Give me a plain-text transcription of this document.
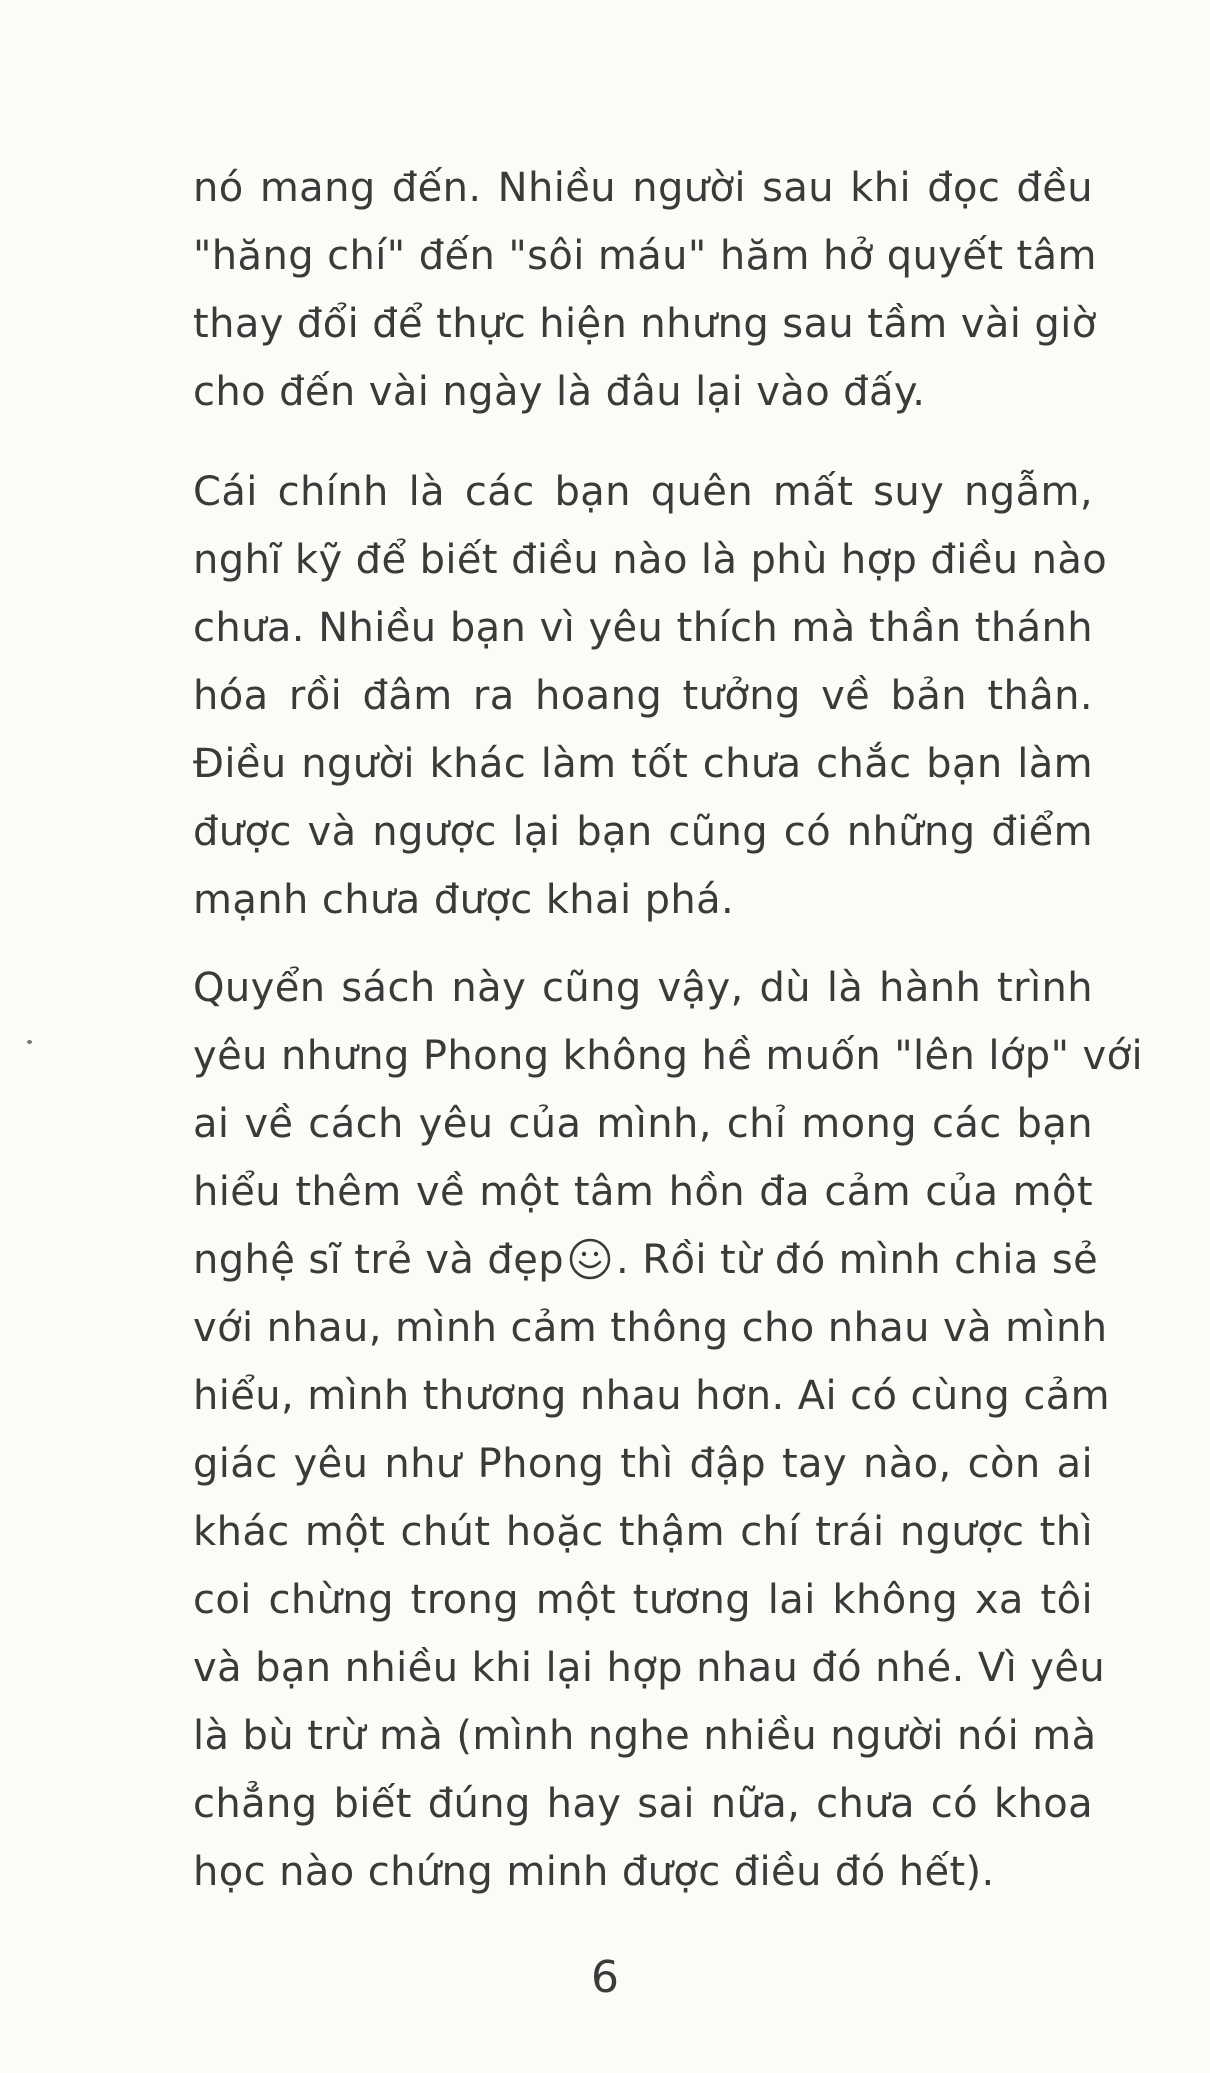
nó mang đến. Nhiều người sau khi đọc đều
"hăng chí" đến "sôi máu" hăm hở quyết tâm
thay đổi để thực hiện nhưng sau tầm vài giờ
cho đến vài ngày là đâu lại vào đấy.

Cái chính là các bạn quên mất suy ngẫm,
nghĩ kỹ để biết điều nào là phù hợp điều nào
chưa. Nhiều bạn vì yêu thích mà thần thánh
hóa rồi đâm ra hoang tưởng về bản thân.
Điều người khác làm tốt chưa chắc bạn làm
được và ngược lại bạn cũng có những điểm
mạnh chưa được khai phá.

Quyển sách này cũng vậy, dù là hành trình
yêu nhưng Phong không hề muốn "lên lớp" với
ai về cách yêu của mình, chỉ mong các bạn
hiểu thêm về một tâm hồn đa cảm của một
nghệ sĩ trẻ và đẹp . Rồi từ đó mình chia sẻ
với nhau, mình cảm thông cho nhau và mình
hiểu, mình thương nhau hơn. Ai có cùng cảm
giác yêu như Phong thì đập tay nào, còn ai
khác một chút hoặc thậm chí trái ngược thì
coi chừng trong một tương lai không xa tôi
và bạn nhiều khi lại hợp nhau đó nhé. Vì yêu
là bù trừ mà (mình nghe nhiều người nói mà
chẳng biết đúng hay sai nữa, chưa có khoa
học nào chứng minh được điều đó hết).

6
